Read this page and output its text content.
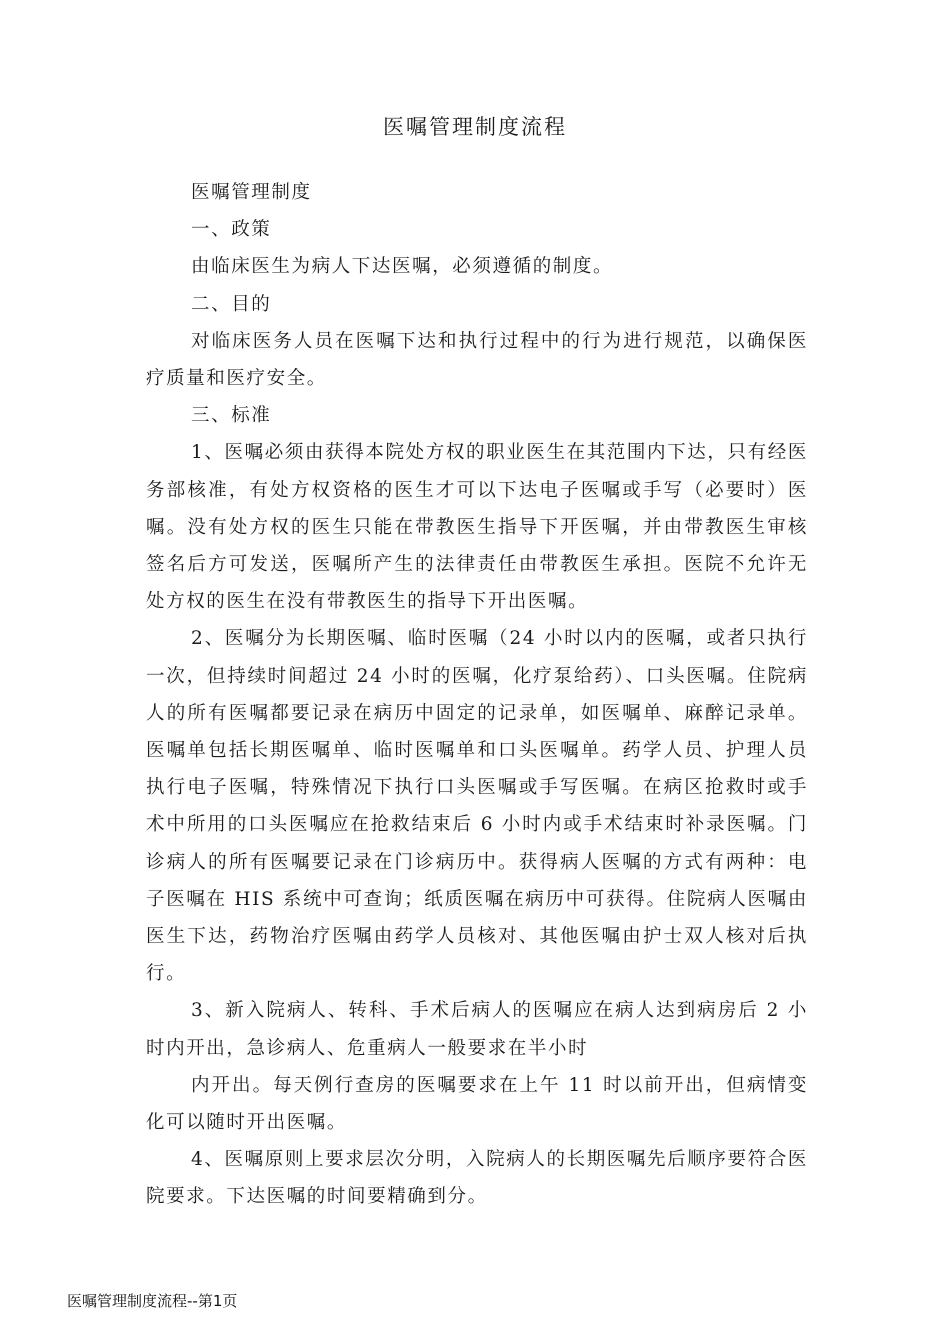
医嘱管理制度流程

医嘱管理制度

一、政策

由临床医生为病人下达医嘱，必须遵循的制度。

二、目的

对临床医务人员在医嘱下达和执行过程中的行为进行规范，以确保医疗质量和医疗安全。

三、标准

1、医嘱必须由获得本院处方权的职业医生在其范围内下达，只有经医务部核准，有处方权资格的医生才可以下达电子医嘱或手写（必要时）医嘱。没有处方权的医生只能在带教医生指导下开医嘱，并由带教医生审核签名后方可发送，医嘱所产生的法律责任由带教医生承担。医院不允许无处方权的医生在没有带教医生的指导下开出医嘱。

2、医嘱分为长期医嘱、临时医嘱（24 小时以内的医嘱，或者只执行一次，但持续时间超过 24 小时的医嘱，化疗泵给药）、口头医嘱。住院病人的所有医嘱都要记录在病历中固定的记录单，如医嘱单、麻醉记录单。医嘱单包括长期医嘱单、临时医嘱单和口头医嘱单。药学人员、护理人员执行电子医嘱，特殊情况下执行口头医嘱或手写医嘱。在病区抢救时或手术中所用的口头医嘱应在抢救结束后 6 小时内或手术结束时补录医嘱。门诊病人的所有医嘱要记录在门诊病历中。获得病人医嘱的方式有两种：电子医嘱在 HIS 系统中可查询；纸质医嘱在病历中可获得。住院病人医嘱由医生下达，药物治疗医嘱由药学人员核对、其他医嘱由护士双人核对后执行。

3、新入院病人、转科、手术后病人的医嘱应在病人达到病房后 2 小时内开出，急诊病人、危重病人一般要求在半小时

内开出。每天例行查房的医嘱要求在上午 11 时以前开出，但病情变化可以随时开出医嘱。

4、医嘱原则上要求层次分明，入院病人的长期医嘱先后顺序要符合医院要求。下达医嘱的时间要精确到分。

医嘱管理制度流程--第1页
